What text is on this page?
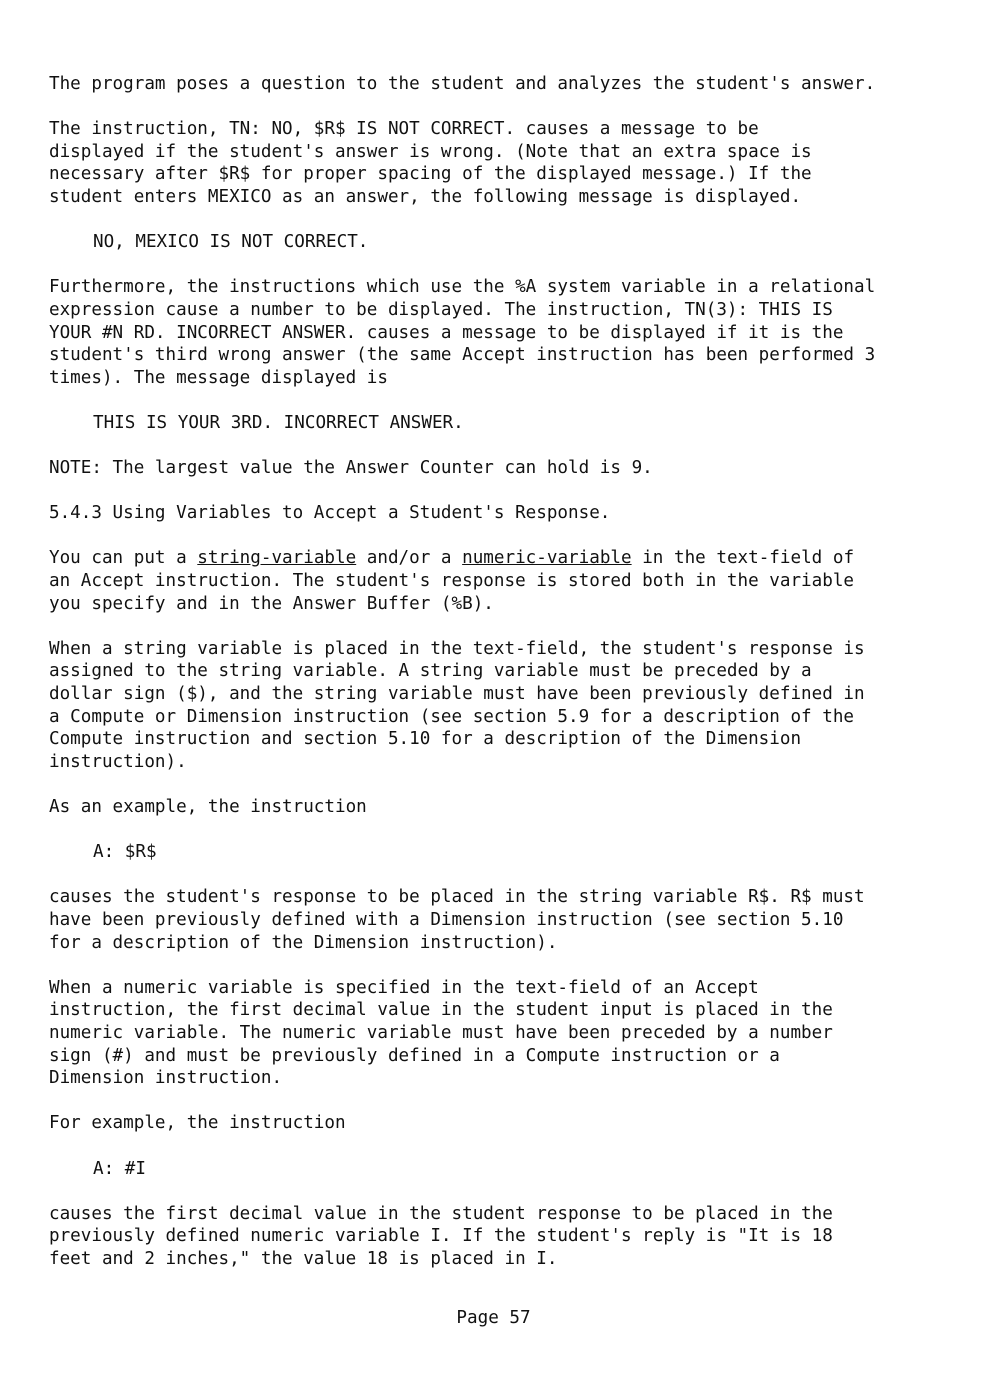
The program poses a question to the student and analyzes the student's answer.

The instruction, TN: NO, $R$ IS NOT CORRECT. causes a message to be
displayed if the student's answer is wrong. (Note that an extra space is
necessary after $R$ for proper spacing of the displayed message.) If the
student enters MEXICO as an answer, the following message is displayed.

NO, MEXICO IS NOT CORRECT.

Furthermore, the instructions which use the %A system variable in a relational
expression cause a number to be displayed. The instruction, TN(3): THIS IS
YOUR #N RD. INCORRECT ANSWER. causes a message to be displayed if it is the
student's third wrong answer (the same Accept instruction has been performed 3
times). The message displayed is

THIS IS YOUR 3RD. INCORRECT ANSWER.

NOTE: The largest value the Answer Counter can hold is 9.

5.4.3 Using Variables to Accept a Student's Response.

You can put a string-variable and/or a numeric-variable in the text-field of
an Accept instruction. The student's response is stored both in the variable
you specify and in the Answer Buffer (%B).

When a string variable is placed in the text-field, the student's response is
assigned to the string variable. A string variable must be preceded by a
dollar sign ($), and the string variable must have been previously defined in
a Compute or Dimension instruction (see section 5.9 for a description of the
Compute instruction and section 5.10 for a description of the Dimension
instruction).

As an example, the instruction

A: $R$

causes the student's response to be placed in the string variable R$. R$ must
have been previously defined with a Dimension instruction (see section 5.10
for a description of the Dimension instruction).

When a numeric variable is specified in the text-field of an Accept
instruction, the first decimal value in the student input is placed in the
numeric variable. The numeric variable must have been preceded by a number
sign (#) and must be previously defined in a Compute instruction or a
Dimension instruction.

For example, the instruction

A: #I

causes the first decimal value in the student response to be placed in the
previously defined numeric variable I. If the student's reply is "It is 18
feet and 2 inches," the value 18 is placed in I.

Page 57
